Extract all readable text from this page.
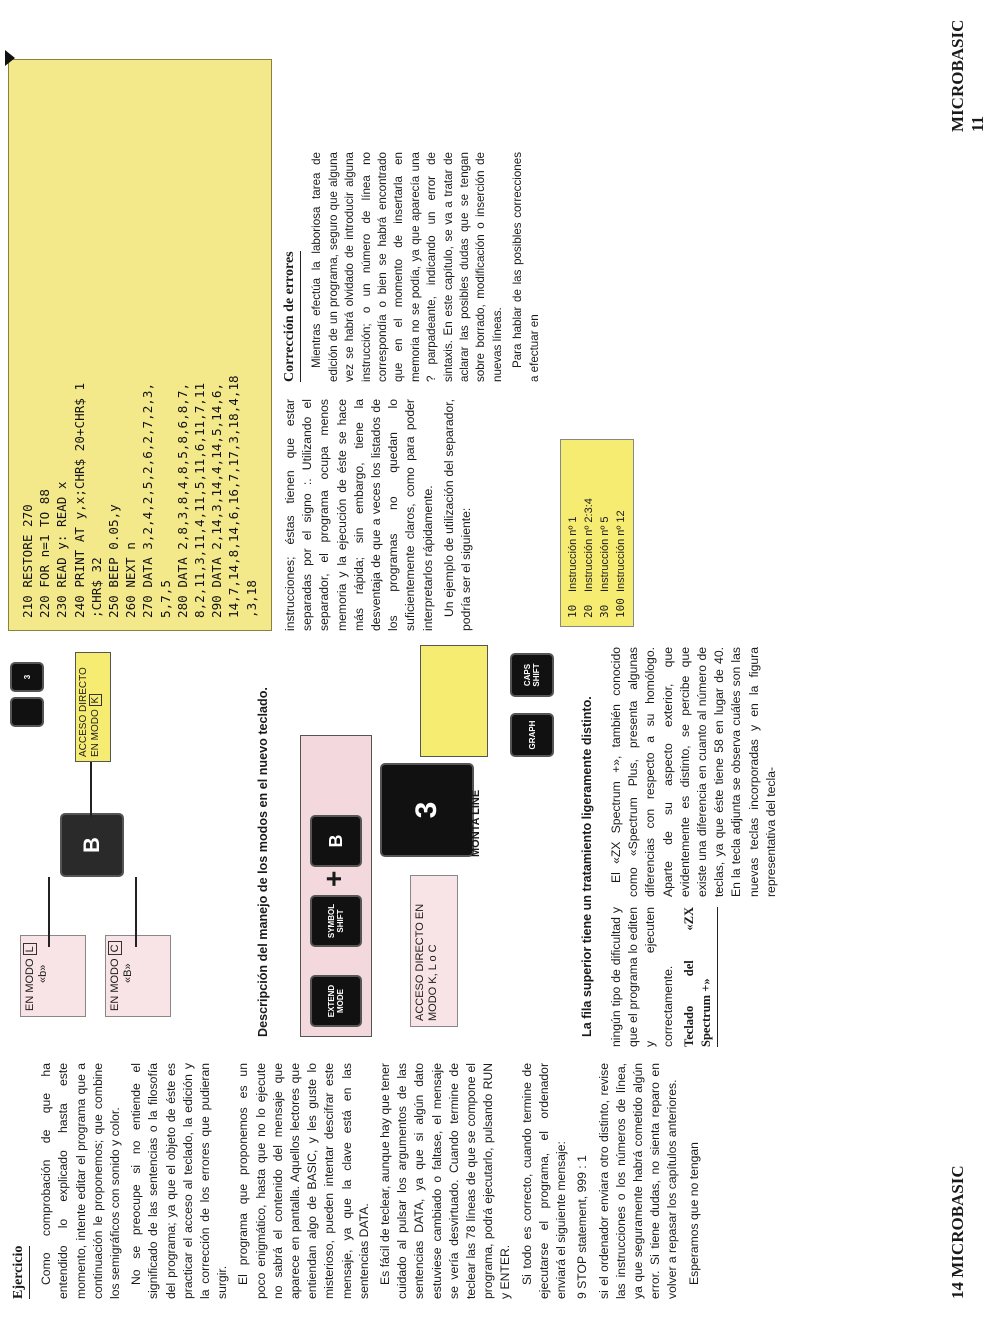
Ejercicio Como comprobación de que ha entendido lo explicado hasta este momento, intente editar el programa que a continuación le proponemos; que combine los semigráficos con sonido y color. No se preocupe si no entiende el significado de las sentencias o la filosofía del programa; ya que el objeto de éste es practicar el acceso al teclado, la edición y la corrección de los errores que pudieran surgir. El programa que proponemos es un poco enigmático, hasta que no lo ejecute no sabrá el contenido del mensaje que aparece en pantalla. Aquellos lectores que entiendan algo de BASIC, y les guste lo misterioso, pueden intentar descifrar este mensaje, ya que la clave está en las sentencias DATA. Es fácil de teclear, aunque hay que tener cuidado al pulsar los argumentos de las sentencias DATA, ya que si algún dato estuviese cambiado o faltase, el mensaje se vería desvirtuado. Cuando termine de teclear las 78 líneas de que se compone el programa, podrá ejecutarlo, pulsando RUN y ENTER. Si todo es correcto, cuando termine de ejecutarse el programa, el ordenador enviará el siguiente mensaje: 9 STOP statement, 999 : 1 si el ordenador enviara otro distinto, revise las instrucciones o los números de línea, ya que seguramente habrá cometido algún error. Si tiene dudas, no sienta reparo en volver a repasar los capítulos anteriores. Esperamos que no tengan

EN MODO L
«b»	EN MODO C
«B»
B
ACCESO DIRECTO EN MODO K
3
Descripción del manejo de los modos en el nuevo teclado.	EXTEND MODE
SYMBOL SHIFT
B
+
3 MONTA LINE
ACCESO DIRECTO EN MODO K, L o C
GRAPH
CAPS SHIFT
La fila superior tiene un tratamiento ligeramente distinto. ningún tipo de dificultad y que el programa lo editen y ejecuten correctamente. Teclado del «ZX Spectrum +»

El «ZX Spectrum +», también conocido como «Spectrum Plus, presenta algunas diferencias con respecto a su homólogo. Aparte de su aspecto exterior, que evidentemente es distinto, se percibe que existe una diferencia en cuanto al número de teclas, ya que éste tiene 58 en lugar de 40. En la tecla adjunta se observa cuáles son las nuevas teclas incorporadas y en la figura representativa del tecla-

14 MICROBASIC
210 RESTORE 270 220 FOR n=1 TO 88 230 READ y: READ x 240 PRINT AT y,x;CHR$ 20+CHR$ 1 ;CHR$ 32 250 BEEP 0.05,y 260 NEXT n 270 DATA 3,2,4,2,5,2,6,2,7,2,3, 5,7,5 280 DATA 2,8,3,8,4,8,5,8,6,8,7, 8,2,11,3,11,4,11,5,11,6,11,7,11 290 DATA 2,14,3,14,4,14,5,14,6, 14,7,14,8,14,6,16,7,17,3,18,4,18 ,3,18	instrucciones; éstas tienen que estar separadas por el signo :. Utilizando el separador, el programa ocupa menos memoria y la ejecución de éste se hace más rápida; sin embargo, tiene la desventaja de que a veces los listados de los programas no quedan lo suficientemente claros, como para poder interpretarlos rápidamente. Un ejemplo de utilización del separador, podría ser el siguiente:	10Instrucción nº 1
20Instrucción nº 2:3:4
30Instrucción nº 5
100Instrucción nº 12
MICROBASIC 11
Corrección de errores Mientras efectúa la laboriosa tarea de edición de un programa, seguro que alguna vez se habrá olvidado de introducir alguna instrucción; o un número de línea no correspondía o bien se habrá encontrado que en el momento de insertarla en memoria no se podía, ya que aparecía una ? parpadeante, indicando un error de sintaxis. En este capítulo, se va a tratar de aclarar las posibles dudas que se tengan sobre borrado, modificación o inserción de nuevas líneas. Para hablar de las posibles correcciones a efectuar en
